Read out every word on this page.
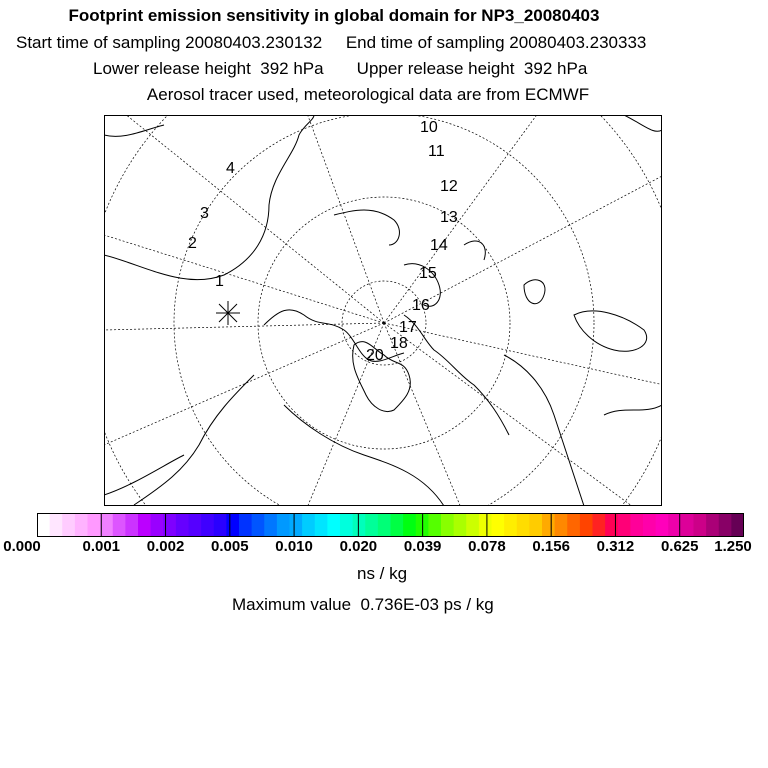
Footprint emission sensitivity in global domain for NP3_20080403
Start time of sampling 20080403.230132     End time of sampling 20080403.230333
Lower release height  392 hPa       Upper release height  392 hPa
Aerosol tracer used, meteorological data are from ECMWF
1
2
3
4
10
11
12
13
14
15
16
17
18
20
0.000	0.001 0.002 0.005 0.010 0.020 0.039 0.078 0.156 0.312 0.625 1.250
ns / kg
Maximum value  0.736E-03 ps / kg
